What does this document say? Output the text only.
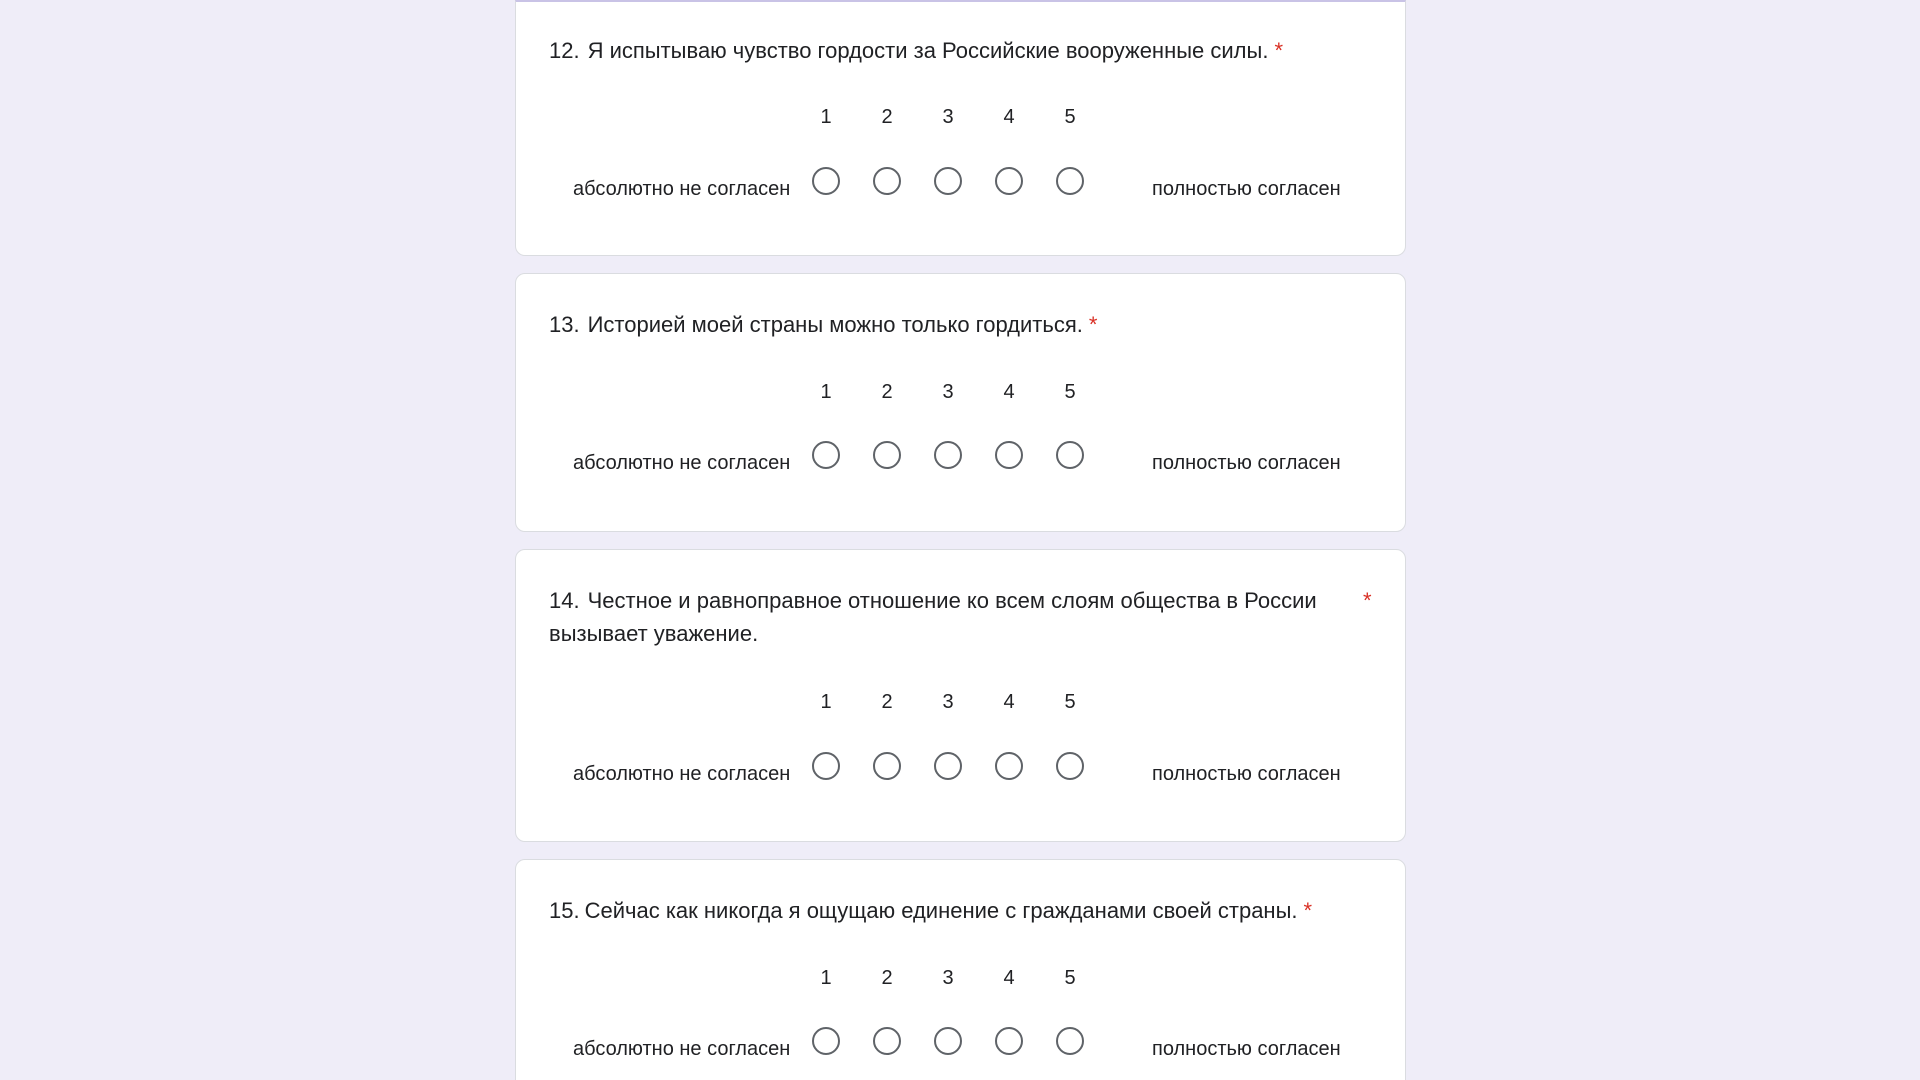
12. Я испытываю чувство гордости за Российские вооруженные силы. *
1	2	3	4	5
абсолютно не согласен	полностью согласен
13. Историей моей страны можно только гордиться. *
1	2	3	4	5
абсолютно не согласен	полностью согласен
14. Честное и равноправное отношение ко всем слоям общества в России вызывает уважение.
*
1	2	3	4	5
абсолютно не согласен	полностью согласен
15. Сейчас как никогда я ощущаю единение с гражданами своей страны. *
1	2	3	4	5
абсолютно не согласен	полностью согласен
